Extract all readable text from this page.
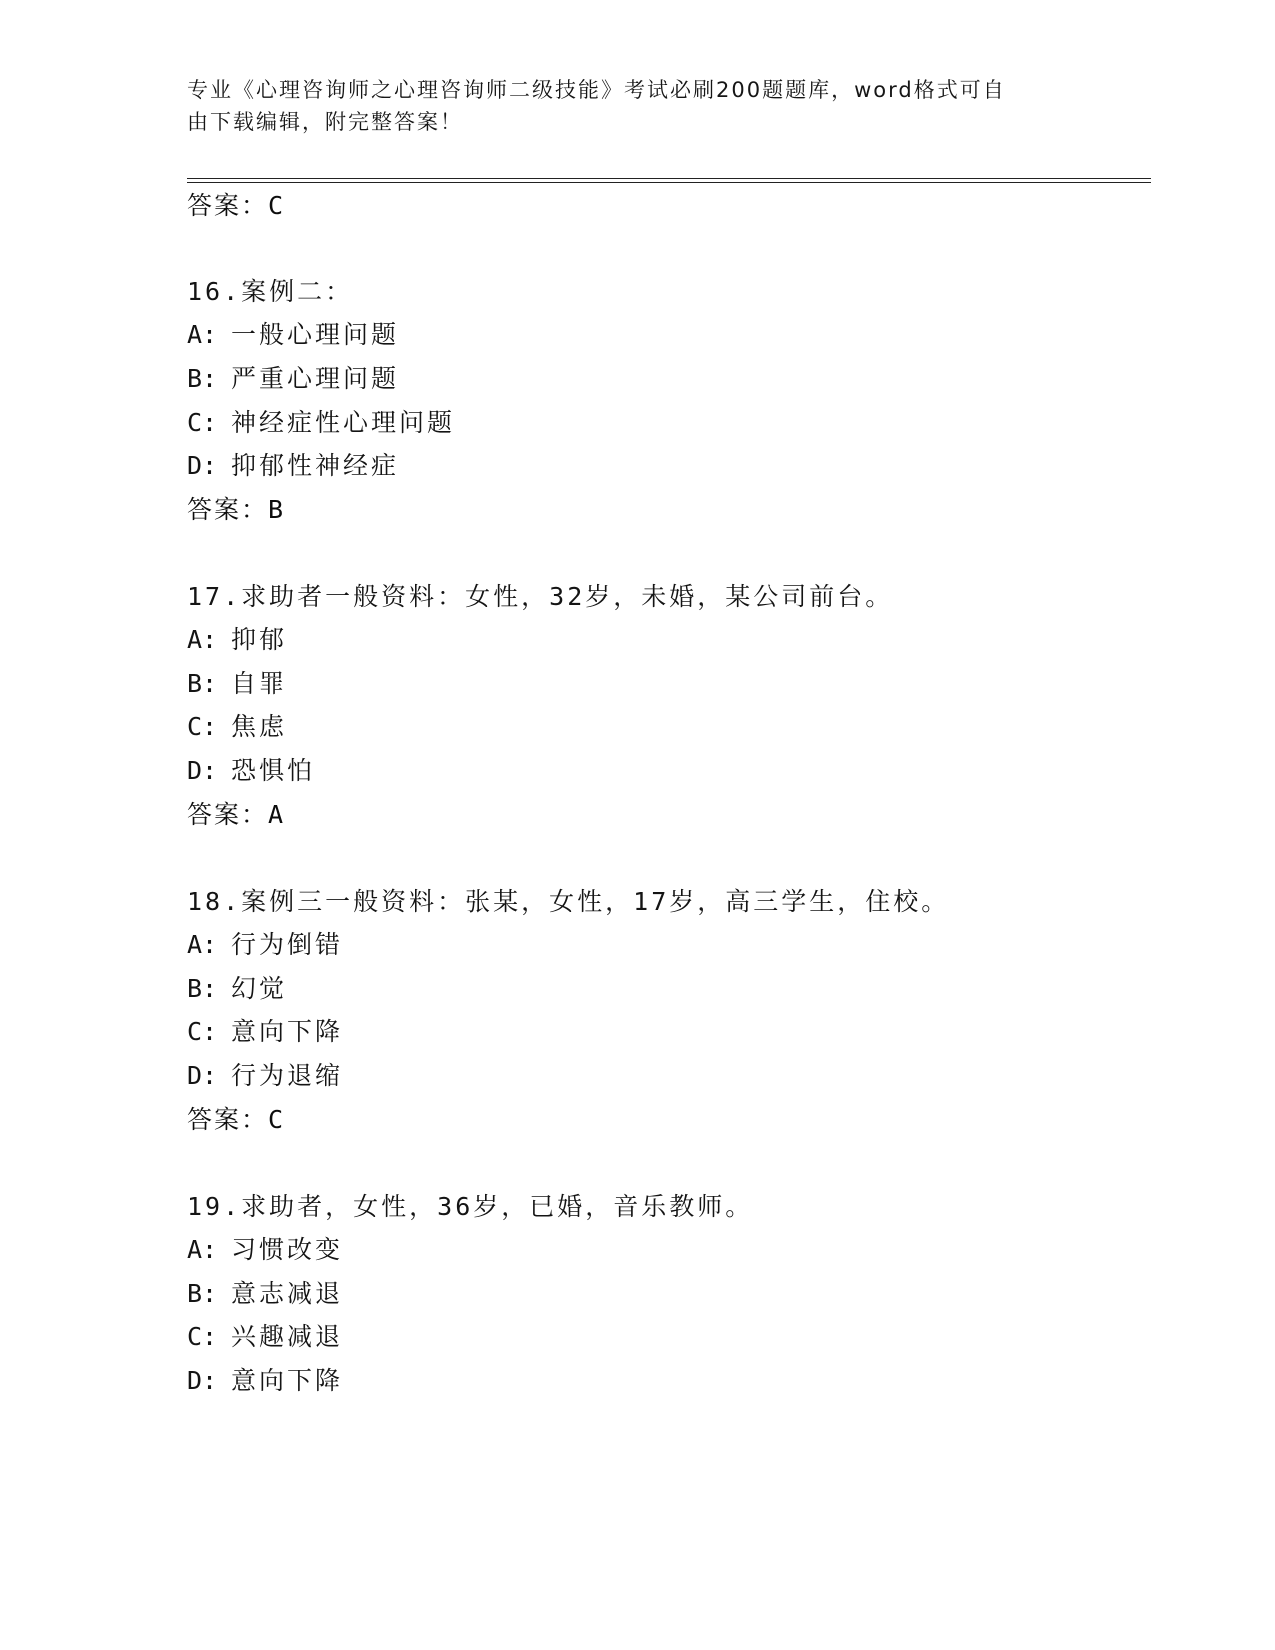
专业《心理咨询师之心理咨询师二级技能》考试必刷200题题库，word格式可自
由下载编辑，附完整答案！
答案：C
16.案例二：
A: 一般心理问题
B: 严重心理问题
C: 神经症性心理问题
D: 抑郁性神经症
答案：B
17.求助者一般资料：女性，32岁，未婚，某公司前台。
A: 抑郁
B: 自罪
C: 焦虑
D: 恐惧怕
答案：A
18.案例三一般资料：张某，女性，17岁，高三学生，住校。
A: 行为倒错
B: 幻觉
C: 意向下降
D: 行为退缩
答案：C
19.求助者，女性，36岁，已婚，音乐教师。
A: 习惯改变
B: 意志减退
C: 兴趣减退
D: 意向下降
